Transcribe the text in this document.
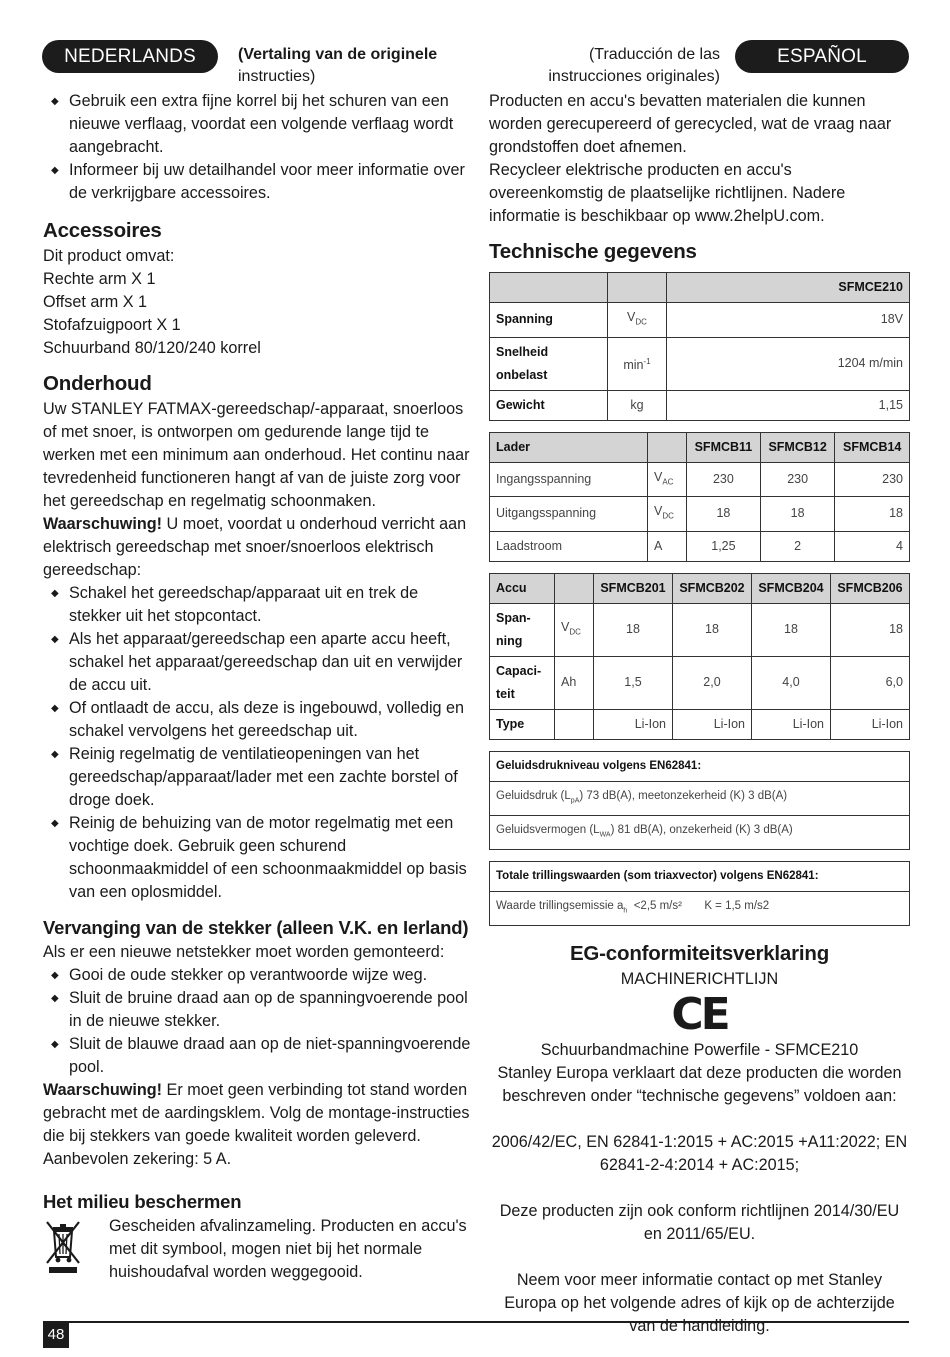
NEDERLANDS	(Vertaling van de originele instructies)
(Traducción de las instrucciones originales)
ESPAÑOL
◆ Gebruik een extra fijne korrel bij het schuren van een nieuwe verflaag, voordat een volgende verflaag wordt aangebracht.
◆ Informeer bij uw detailhandel voor meer informatie over de verkrijgbare accessoires.
Accessoires

Dit product omvat:

Rechte arm X 1

Offset arm X 1

Stofafzuigpoort X 1

Schuurband 80/120/240 korrel

Onderhoud

Uw STANLEY FATMAX-gereedschap/-apparaat, snoerloos of met snoer, is ontworpen om gedurende lange tijd te werken met een minimum aan onderhoud. Het continu naar tevredenheid functioneren hangt af van de juiste zorg voor het gereedschap en regelmatig schoonmaken.

Waarschuwing! U moet, voordat u onderhoud verricht aan elektrisch gereedschap met snoer/snoerloos elektrisch gereedschap:

◆ Schakel het gereedschap/apparaat uit en trek de stekker uit het stopcontact.
◆ Als het apparaat/gereedschap een aparte accu heeft, schakel het apparaat/gereedschap dan uit en verwijder de accu uit.
◆ Of ontlaadt de accu, als deze is ingebouwd, volledig en schakel vervolgens het gereedschap uit.
◆ Reinig regelmatig de ventilatieopeningen van het gereedschap/apparaat/lader met een zachte borstel of droge doek.
◆ Reinig de behuizing van de motor regelmatig met een vochtige doek. Gebruik geen schurend schoonmaakmiddel of een schoonmaakmiddel op basis van een oplosmiddel.
Vervanging van de stekker (alleen V.K. en Ierland)

Als er een nieuwe netstekker moet worden gemonteerd:

◆ Gooi de oude stekker op verantwoorde wijze weg.
◆ Sluit de bruine draad aan op de spanningvoerende pool in de nieuwe stekker.
◆ Sluit de blauwe draad aan op de niet-spanningvoerende pool.

Waarschuwing! Er moet geen verbinding tot stand worden gebracht met de aardingsklem. Volg de montage-instructies die bij stekkers van goede kwaliteit worden geleverd. Aanbevolen zekering: 5 A.

Het milieu beschermen

Gescheiden afvalinzameling. Producten en accu's met dit symbool, mogen niet bij het normale huishoudafval worden weggegooid.

Producten en accu's bevatten materialen die kunnen worden gerecupereerd of gerecycled, wat de vraag naar grondstoffen doet afnemen.

Recycleer elektrische producten en accu's overeenkomstig de plaatselijke richtlijnen. Nadere informatie is beschikbaar op www.2helpU.com.

Technische gegevens
		SFMCE210
Spanning	$V_{DC}$	18V
Snelheid onbelast	$\min^{-1}$	1204 m/min
Gewicht	kg	1,15
Lader		SFMCB11	SFMCB12	SFMCB14
Ingangsspanning	$V_{AC}$	230	230	230
Uitgangsspanning	$V_{DC}$	18	18	18
Laadstroom	A	1,25	2	4
Accu		SFMCB201	SFMCB202	SFMCB204	SFMCB206
Span-ning	$V_{DC}$	18	18	18	18
Capaci-teit	Ah	1,5	2,0	4,0	6,0
Type		Li-Ion	Li-Ion	Li-Ion	Li-Ion
Geluidsdrukniveau volgens EN62841:
Geluidsdruk $(L_{pA})$ 73 dB(A), meetonzekerheid (K) 3 dB(A)
Geluidsvermogen $(L_{WA})$ 81 dB(A), onzekerheid (K) 3 dB(A)
Totale trillingswaarden (som triaxvector) volgens EN62841:
Waarde trillingsemissie $a_h <2,5$ m/s²       K = 1,5 m/s2
EG-conformiteitsverklaring

MACHINERICHTLIJN

CE

Schuurbandmachine Powerfile - SFMCE210

Stanley Europa verklaart dat deze producten die worden beschreven onder “technische gegevens” voldoen aan:

2006/42/EC, EN 62841-1:2015 + AC:2015 +A11:2022; EN 62841-2-4:2014 + AC:2015;

Deze producten zijn ook conform richtlijnen 2014/30/EU en 2011/65/EU.

Neem voor meer informatie contact op met Stanley Europa op het volgende adres of kijk op de achterzijde van de handleiding.

48
